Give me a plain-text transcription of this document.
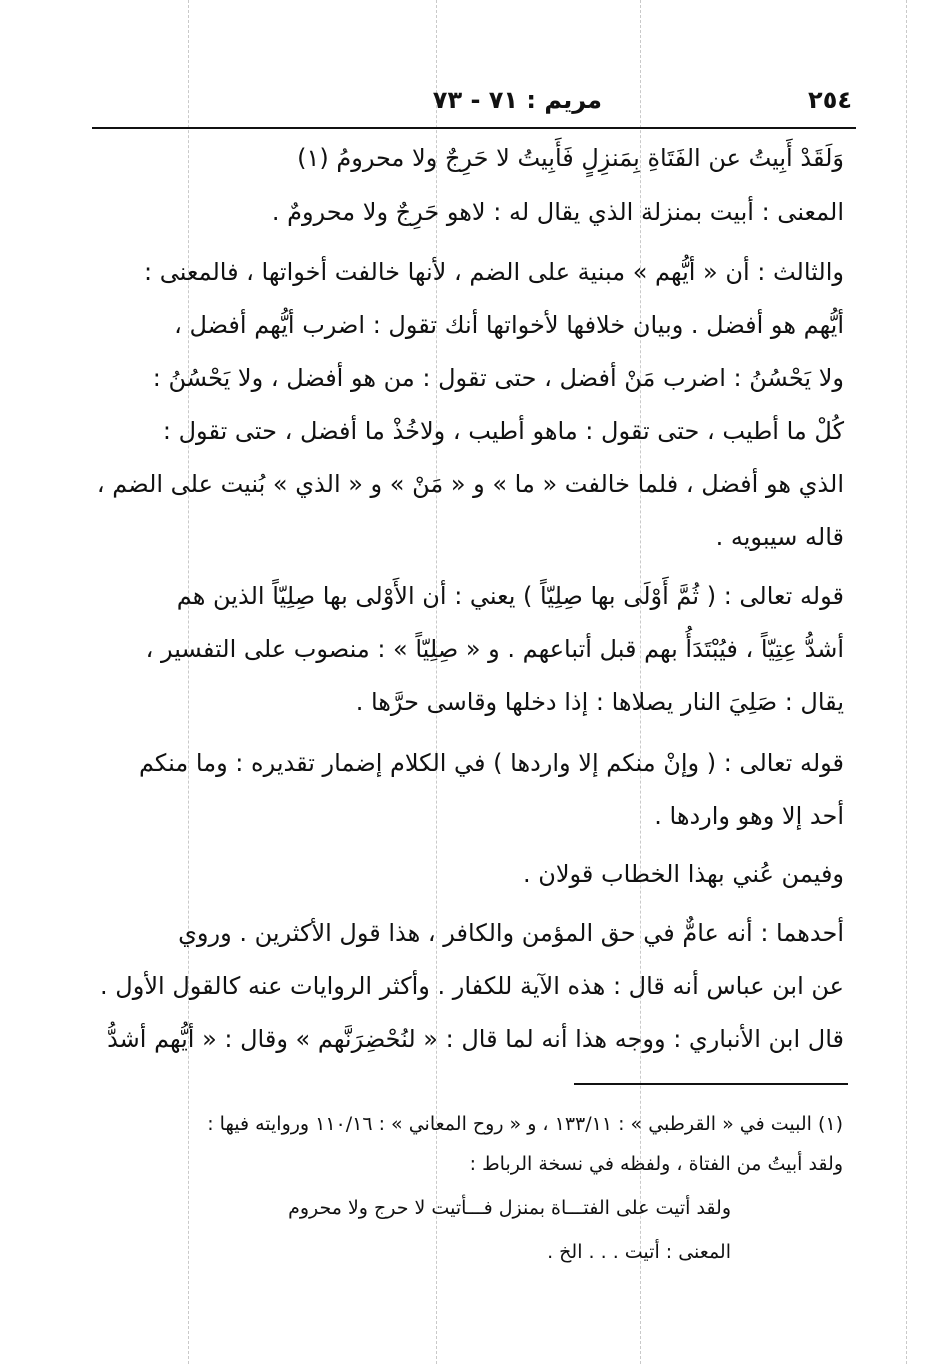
٢٥٤
مريم : ٧١ - ٧٣
وَلَقَدْ أَبِيتُ عن الفَتَاةِ بِمَنزِلٍ فَأَبِيتُ لا حَرِجٌ ولا محرومُ (١)
المعنى : أبيت بمنزلة الذي يقال له : لاهو حَرِجٌ ولا محرومٌ .
والثالث : أن « أيُّهم » مبنية على الضم ، لأنها خالفت أخواتها ، فالمعنى :
أيُّهم هو أفضل . وبيان خلافها لأخواتها أنك تقول : اضرب أيُّهم أفضل ،
ولا يَحْسُنُ : اضرب مَنْ أفضل ، حتى تقول : من هو أفضل ، ولا يَحْسُنُ :
كُلْ ما أطيب ، حتى تقول : ماهو أطيب ، ولاخُذْ ما أفضل ، حتى تقول :
الذي هو أفضل ، فلما خالفت « ما » و « مَنْ » و « الذي » بُنيت على الضم ،
قاله سيبويه .
قوله تعالى : ( ثُمَّ أَوْلَى بها صِلِيّاً ) يعني : أن الأَوْلى بها صِلِيّاً الذين هم
أشدُّ عِتِيّاً ، فيُبْتَدَأُ بهم قبل أتباعهم . و « صِلِيّاً » : منصوب على التفسير ،
يقال : صَلِيَ النار يصلاها : إذا دخلها وقاسى حرَّها .
قوله تعالى : ( وإنْ منكم إلا واردها ) في الكلام إضمار تقديره : وما منكم
أحد إلا وهو واردها .
وفيمن عُني بهذا الخطاب قولان .
أحدهما : أنه عامٌّ في حق المؤمن والكافر ، هذا قول الأكثرين . وروي
عن ابن عباس أنه قال : هذه الآية للكفار . وأكثر الروايات عنه كالقول الأول .
قال ابن الأنباري : ووجه هذا أنه لما قال : « لنُحْضِرَنَّهم » وقال : « أيُّهم أشدُّ
(١) البيت في « القرطبي » : ١٣٣/١١ ، و « روح المعاني » : ١١٠/١٦ وروايته فيها :
ولقد أبيتُ من الفتاة ، ولفظه في نسخة الرباط :
ولقد أتيت على الفتـــاة بمنزل فـــأتيت لا حرج ولا محروم
المعنى : أتيت . . . الخ .
